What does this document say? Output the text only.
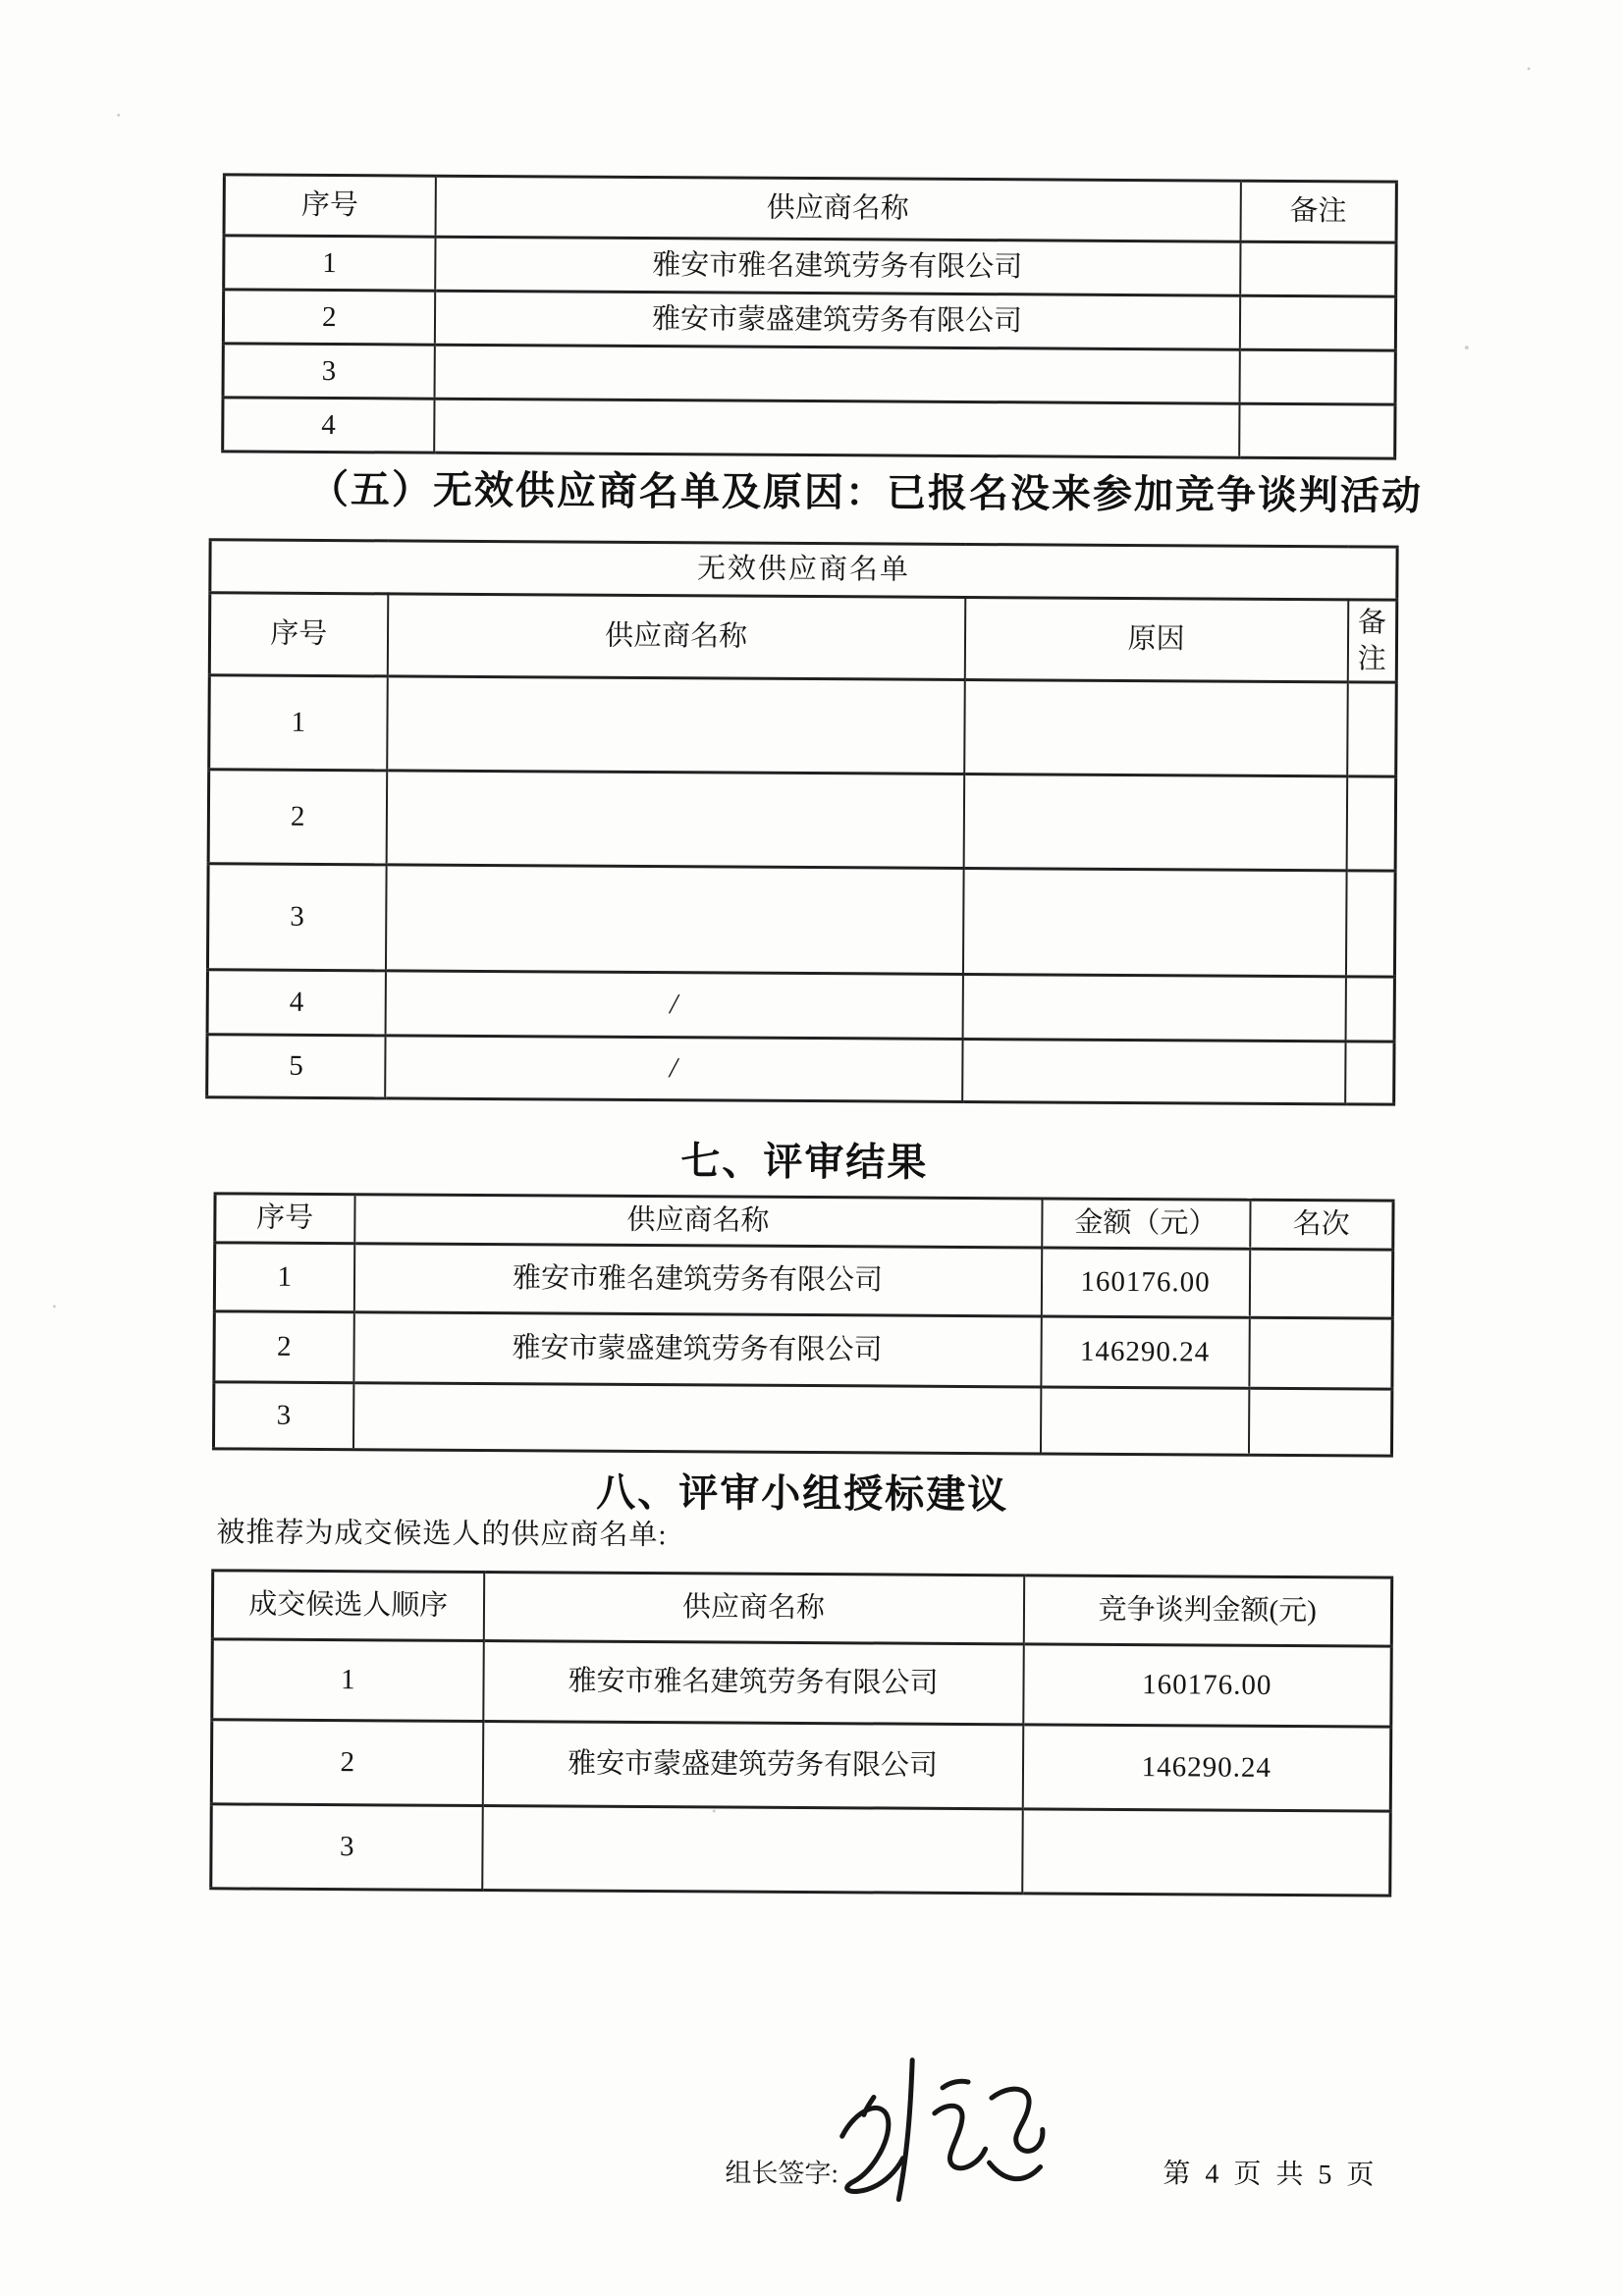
序号	供应商名称	备注
1	雅安市雅名建筑劳务有限公司	
2	雅安市蒙盛建筑劳务有限公司	
3		
4		
（五）无效供应商名单及原因：已报名没来参加竞争谈判活动
无效供应商名单			
序号	供应商名称	原因	备注
1			
2			
3			
4	/		
5	/		
七、评审结果
序号	供应商名称	金额（元）	名次
1	雅安市雅名建筑劳务有限公司	160176.00	
2	雅安市蒙盛建筑劳务有限公司	146290.24	
3			
八、评审小组授标建议
被推荐为成交候选人的供应商名单:
成交候选人顺序	供应商名称	竞争谈判金额(元)
1	雅安市雅名建筑劳务有限公司	160176.00
2	雅安市蒙盛建筑劳务有限公司	146290.24
3		
组长签字:	第 4 页 共 5 页
